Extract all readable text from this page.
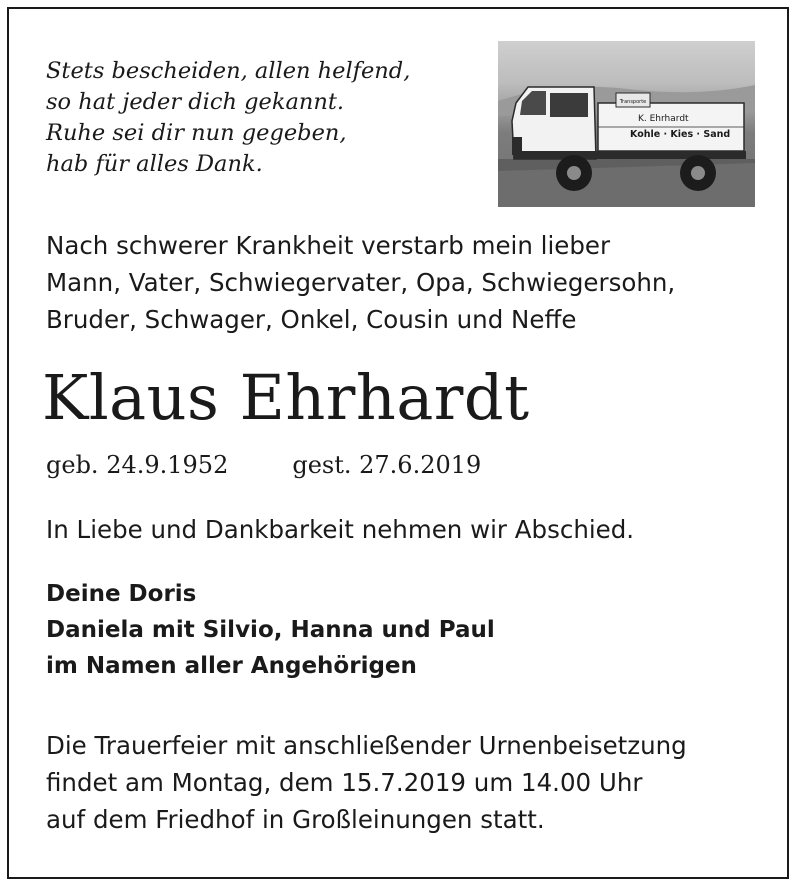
Stets bescheiden, allen helfend,
so hat jeder dich gekannt.
Ruhe sei dir nun gegeben,
hab für alles Dank.
Transporte
K. Ehrhardt
Kohle · Kies · Sand
Nach schwerer Krankheit verstarb mein lieber
Mann, Vater, Schwiegervater, Opa, Schwiegersohn,
Bruder, Schwager, Onkel, Cousin und Neffe
Klaus Ehrhardt
geb. 24.9.1952	gest. 27.6.2019
In Liebe und Dankbarkeit nehmen wir Abschied.
Deine Doris
Daniela mit Silvio, Hanna und Paul
im Namen aller Angehörigen
Die Trauerfeier mit anschließender Urnenbeisetzung
findet am Montag, dem 15.7.2019 um 14.00 Uhr
auf dem Friedhof in Großleinungen statt.
